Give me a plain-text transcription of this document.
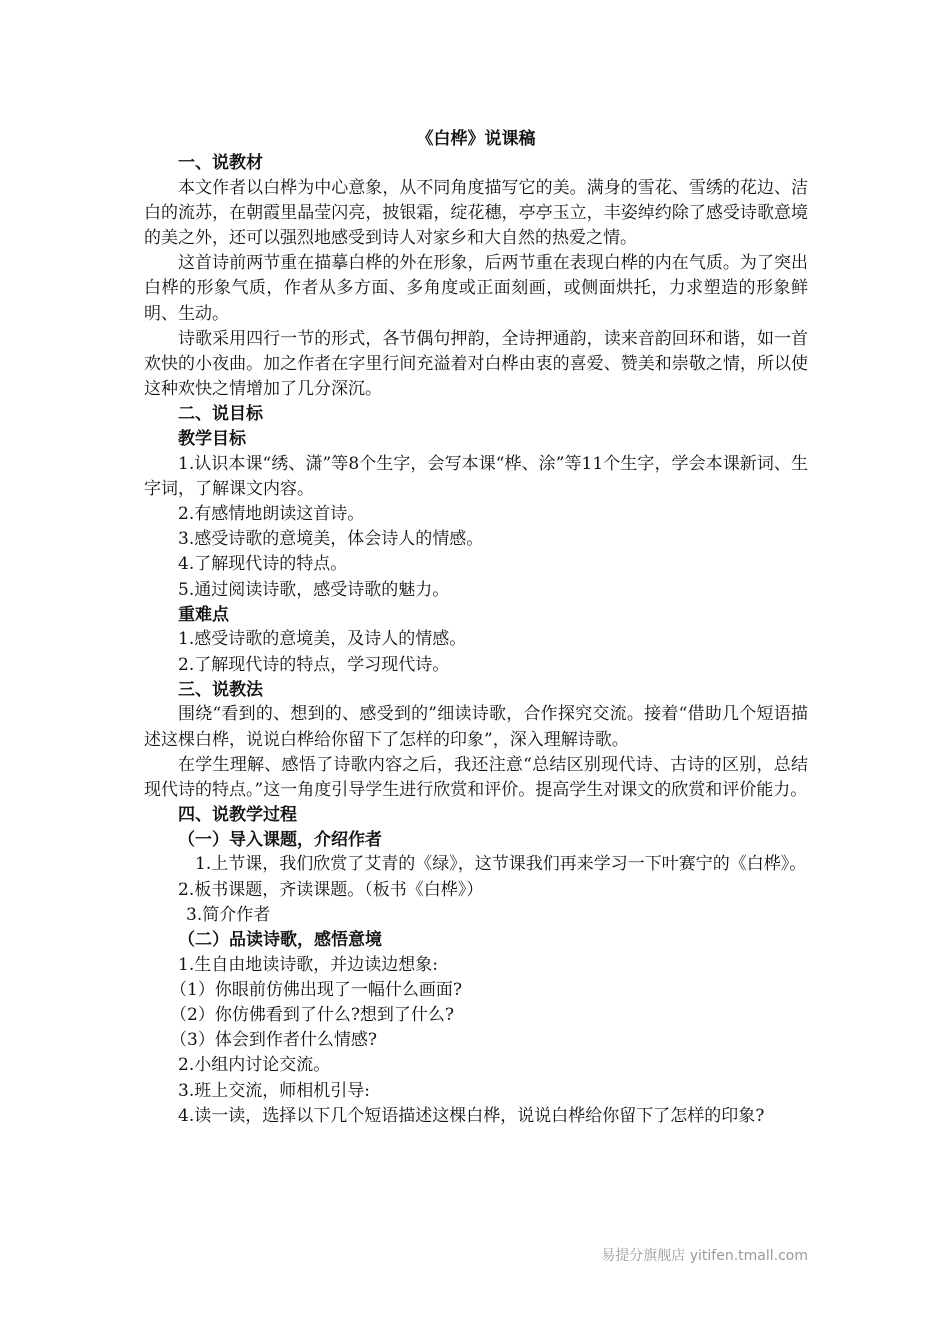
《白桦》说课稿
一、说教材

本文作者以白桦为中心意象，从不同角度描写它的美。满身的雪花、雪绣的花边、洁白的流苏，在朝霞里晶莹闪亮，披银霜，绽花穗，亭亭玉立，丰姿绰约除了感受诗歌意境的美之外，还可以强烈地感受到诗人对家乡和大自然的热爱之情。

这首诗前两节重在描摹白桦的外在形象，后两节重在表现白桦的内在气质。为了突出白桦的形象气质，作者从多方面、多角度或正面刻画，或侧面烘托，力求塑造的形象鲜明、生动。

诗歌采用四行一节的形式，各节偶句押韵，全诗押通韵，读来音韵回环和谐，如一首欢快的小夜曲。加之作者在字里行间充溢着对白桦由衷的喜爱、赞美和崇敬之情，所以使这种欢快之情增加了几分深沉。

二、说目标
教学目标

1.认识本课“绣、潇”等8个生字，会写本课“桦、涂”等11个生字，学会本课新词、生字词，了解课文内容。

2.有感情地朗读这首诗。

3.感受诗歌的意境美，体会诗人的情感。

4.了解现代诗的特点。

5.通过阅读诗歌，感受诗歌的魅力。

重难点

1.感受诗歌的意境美，及诗人的情感。

2.了解现代诗的特点，学习现代诗。

三、说教法

围绕“看到的、想到的、感受到的”细读诗歌，合作探究交流。接着“借助几个短语描述这棵白桦，说说白桦给你留下了怎样的印象”，深入理解诗歌。

在学生理解、感悟了诗歌内容之后，我还注意“总结区别现代诗、古诗的区别，总结现代诗的特点。”这一角度引导学生进行欣赏和评价。提高学生对课文的欣赏和评价能力。

四、说教学过程
（一）导入课题，介绍作者

1.上节课，我们欣赏了艾青的《绿》，这节课我们再来学习一下叶赛宁的《白桦》。

2.板书课题，齐读课题。（板书《白桦》）

3.简介作者

（二）品读诗歌，感悟意境

1.生自由地读诗歌，并边读边想象:

（1）你眼前仿佛出现了一幅什么画面?

（2）你仿佛看到了什么?想到了什么?

（3）体会到作者什么情感?

2.小组内讨论交流。

3.班上交流，师相机引导:

4.读一读，选择以下几个短语描述这棵白桦，说说白桦给你留下了怎样的印象?

易提分旗舰店 yitifen.tmall.com
